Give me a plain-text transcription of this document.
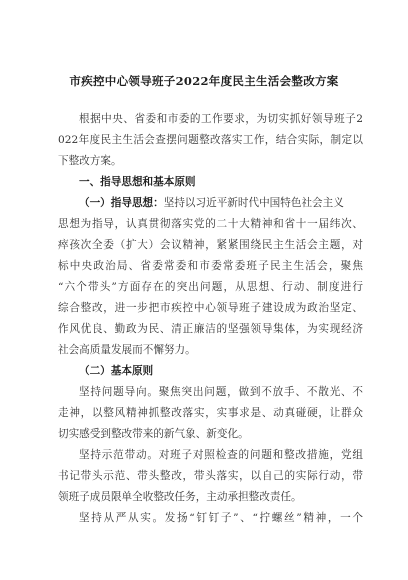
市疾控中心领导班子2022年度民主生活会整改方案
根据中央、省委和市委的工作要求，为切实抓好领导班子2
022年度民主生活会查摆问题整改落实工作，结合实际，制定以
下整改方案。
一、指导思想和基本原则
（一）指导思想：坚持以习近平新时代中国特色社会主义
思想为指导，认真贯彻落实党的二十大精神和省十一届纬次、
瘁孩次全委（扩大）会议精神，紧紧围绕民主生活会主题，对
标中央政治局、省委常委和市委常委班子民主生活会，聚焦
“六个带头”方面存在的突出问题，从思想、行动、制度进行
综合整改，进一步把市疾控中心领导班子建设成为政治坚定、
作风优良、勤政为民、清正廉洁的坚强领导集体，为实现经济
社会高质量发展而不懈努力。
（二）基本原则
坚持问题导向。聚焦突出问题，做到不放手、不散光、不
走神，以整风精神抓整改落实，实事求是、动真碰硬，让群众
切实感受到整改带来的新气象、新变化。
坚持示范带动。对班子对照检查的问题和整改措施，党组
书记带头示范、带头整改，带头落实，以自己的实际行动，带
领班子成员限单全收整改任务，主动承担整改责任。
坚持从严从实。发扬“钉钉子”、“拧螺丝”精神，一个
